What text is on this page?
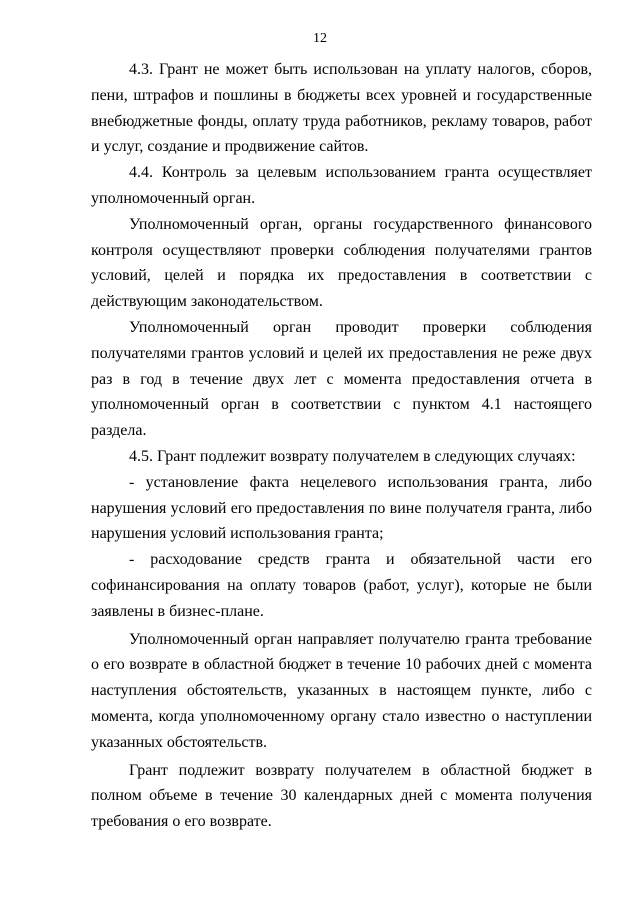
12

4.3. Грант не может быть использован на уплату налогов, сборов, пени, штрафов и пошлины в бюджеты всех уровней и государственные внебюджетные фонды, оплату труда работников, рекламу товаров, работ и услуг, создание и продвижение сайтов.

4.4. Контроль за целевым использованием гранта осуществляет уполномоченный орган.

Уполномоченный орган, органы государственного финансового контроля осуществляют проверки соблюдения получателями грантов условий, целей и порядка их предоставления в соответствии с действующим законодательством.

Уполномоченный орган проводит проверки соблюдения получателями грантов условий и целей их предоставления не реже двух раз в год в течение двух лет с момента предоставления отчета в уполномоченный орган в соответствии с пунктом 4.1 настоящего раздела.

4.5. Грант подлежит возврату получателем в следующих случаях:

- установление факта нецелевого использования гранта, либо нарушения условий его предоставления по вине получателя гранта, либо нарушения условий использования гранта;

- расходование средств гранта и обязательной части его софинансирования на оплату товаров (работ, услуг), которые не были заявлены в бизнес-плане.

Уполномоченный орган направляет получателю гранта требование о его возврате в областной бюджет в течение 10 рабочих дней с момента наступления обстоятельств, указанных в настоящем пункте, либо с момента, когда уполномоченному органу стало известно о наступлении указанных обстоятельств.

Грант подлежит возврату получателем в областной бюджет в полном объеме в течение 30 календарных дней с момента получения требования о его возврате.
